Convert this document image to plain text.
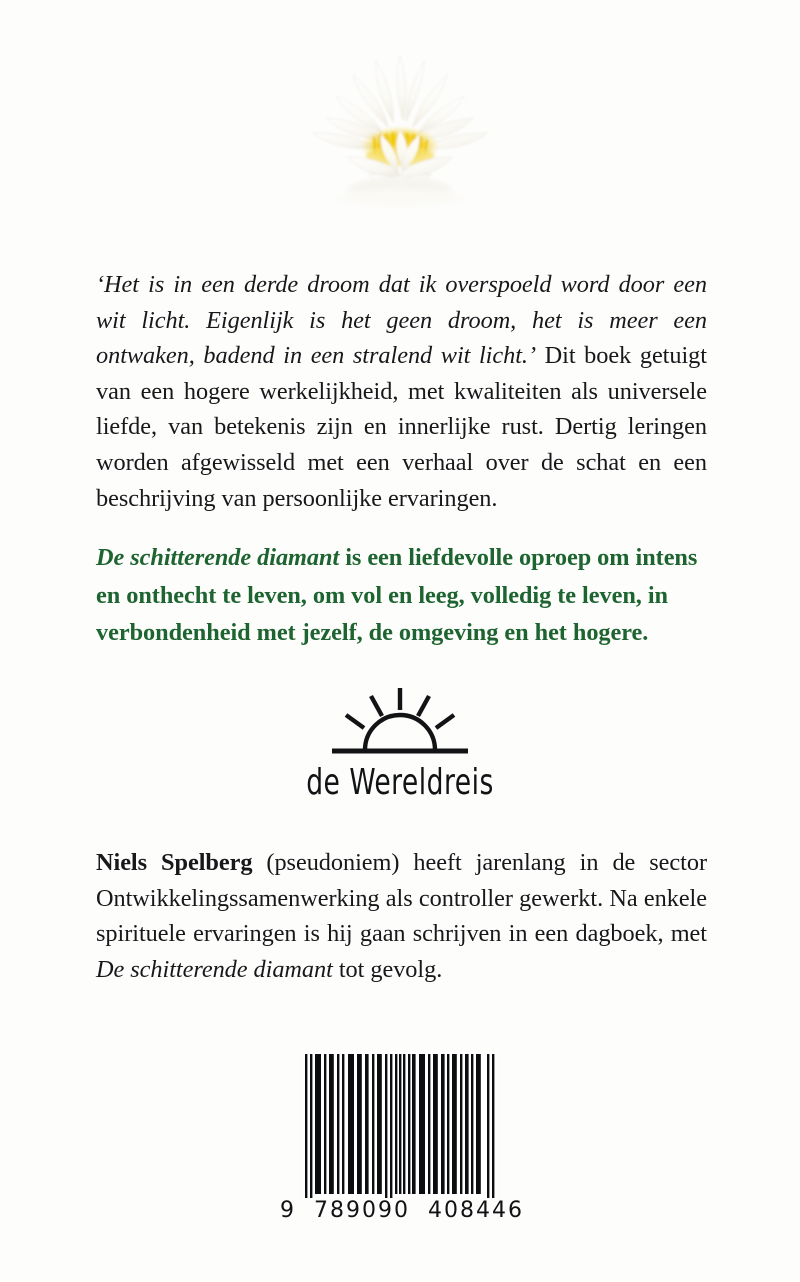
‘Het is in een derde droom dat ik overspoeld word door een wit licht. Eigenlijk is het geen droom, het is meer een ontwaken, badend in een stralend wit licht.’ Dit boek getuigt van een hogere werkelijkheid, met kwaliteiten als universele liefde, van betekenis zijn en innerlijke rust. Dertig leringen worden afgewisseld met een verhaal over de schat en een beschrijving van persoonlijke ervaringen.

De schitterende diamant is een liefdevolle oproep om intens en onthecht te leven, om vol en leeg, volledig te leven, in verbondenheid met jezelf, de omgeving en het hogere.

de Wereldreis

Niels Spelberg (pseudoniem) heeft jarenlang in de sector Ontwikkelingssamenwerking als controller gewerkt. Na enkele spirituele ervaringen is hij gaan schrijven in een dagboek, met De schitterende diamant tot gevolg.

9  789090  408446
